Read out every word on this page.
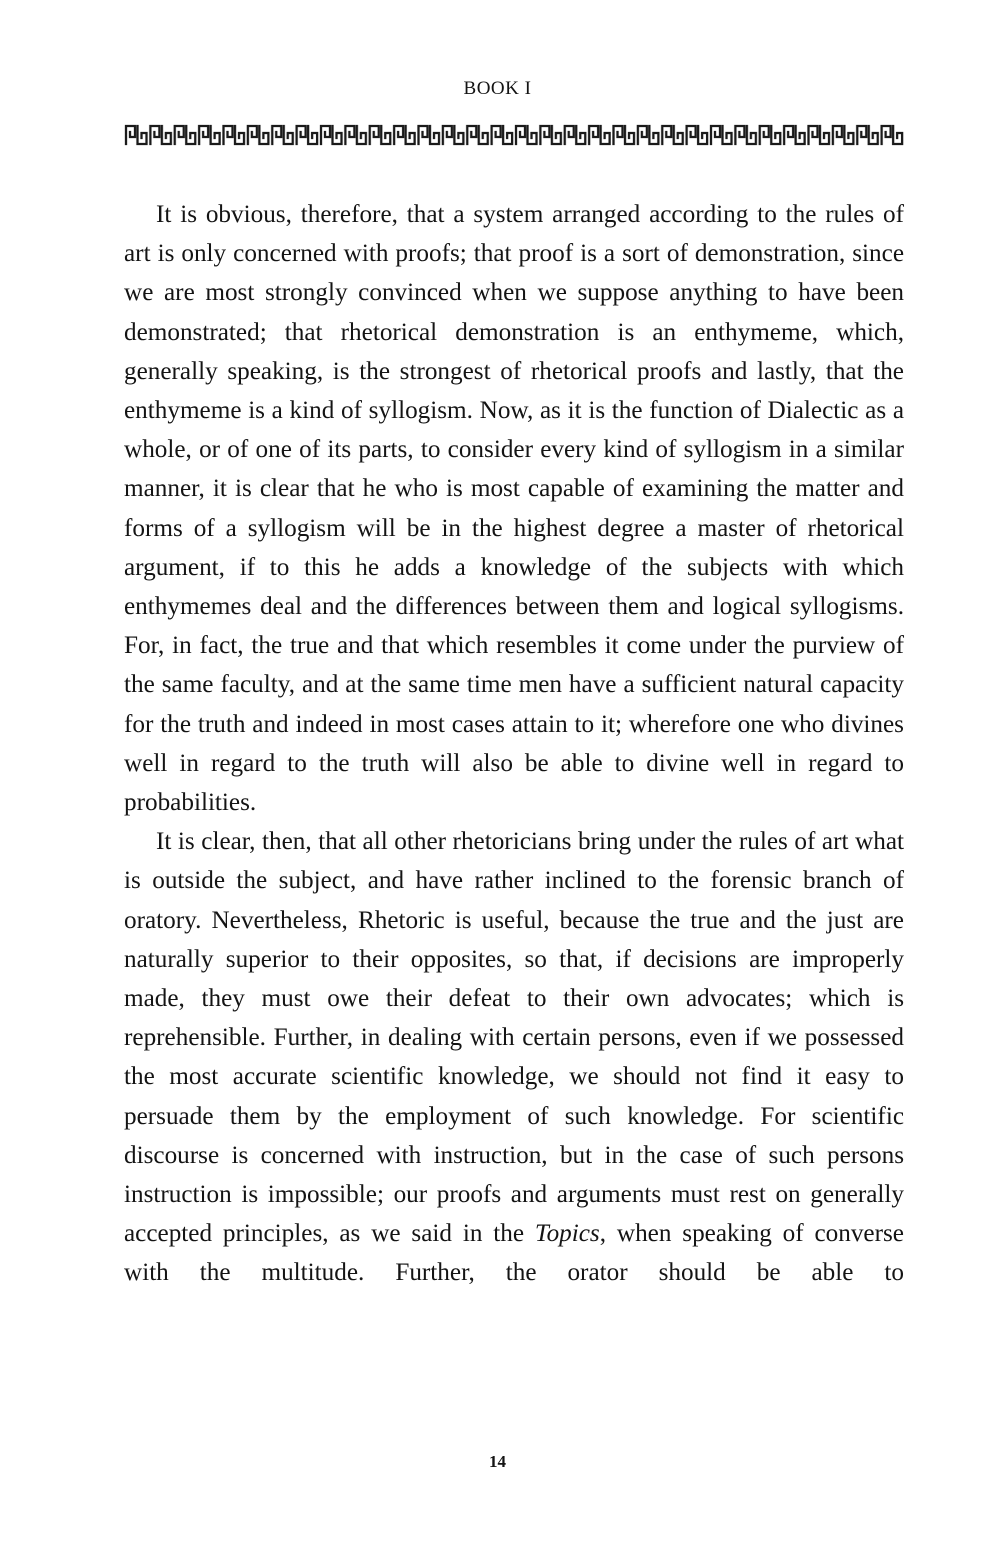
BOOK I

It is obvious, therefore, that a system arranged according to the rules of art is only concerned with proofs; that proof is a sort of demonstration, since we are most strongly convinced when we suppose anything to have been demonstrated; that rhetorical demonstration is an enthymeme, which, generally speaking, is the strongest of rhetorical proofs and lastly, that the enthymeme is a kind of syllogism. Now, as it is the function of Dialectic as a whole, or of one of its parts, to consider every kind of syllogism in a similar manner, it is clear that he who is most capable of examining the matter and forms of a syllogism will be in the highest degree a master of rhetorical argument, if to this he adds a knowledge of the subjects with which enthymemes deal and the differences between them and logical syllogisms. For, in fact, the true and that which resembles it come under the purview of the same faculty, and at the same time men have a sufficient natural capacity for the truth and indeed in most cases attain to it; wherefore one who divines well in regard to the truth will also be able to divine well in regard to probabilities.

It is clear, then, that all other rhetoricians bring under the rules of art what is outside the subject, and have rather inclined to the forensic branch of oratory. Nevertheless, Rhetoric is useful, because the true and the just are naturally superior to their opposites, so that, if decisions are improperly made, they must owe their defeat to their own advocates; which is reprehensible. Further, in dealing with certain persons, even if we possessed the most accurate scientific knowledge, we should not find it easy to persuade them by the employment of such knowledge. For scientific discourse is concerned with instruction, but in the case of such persons instruction is impossible; our proofs and arguments must rest on generally accepted principles, as we said in the Topics, when speaking of converse with the multitude. Further, the orator should be able to

14
